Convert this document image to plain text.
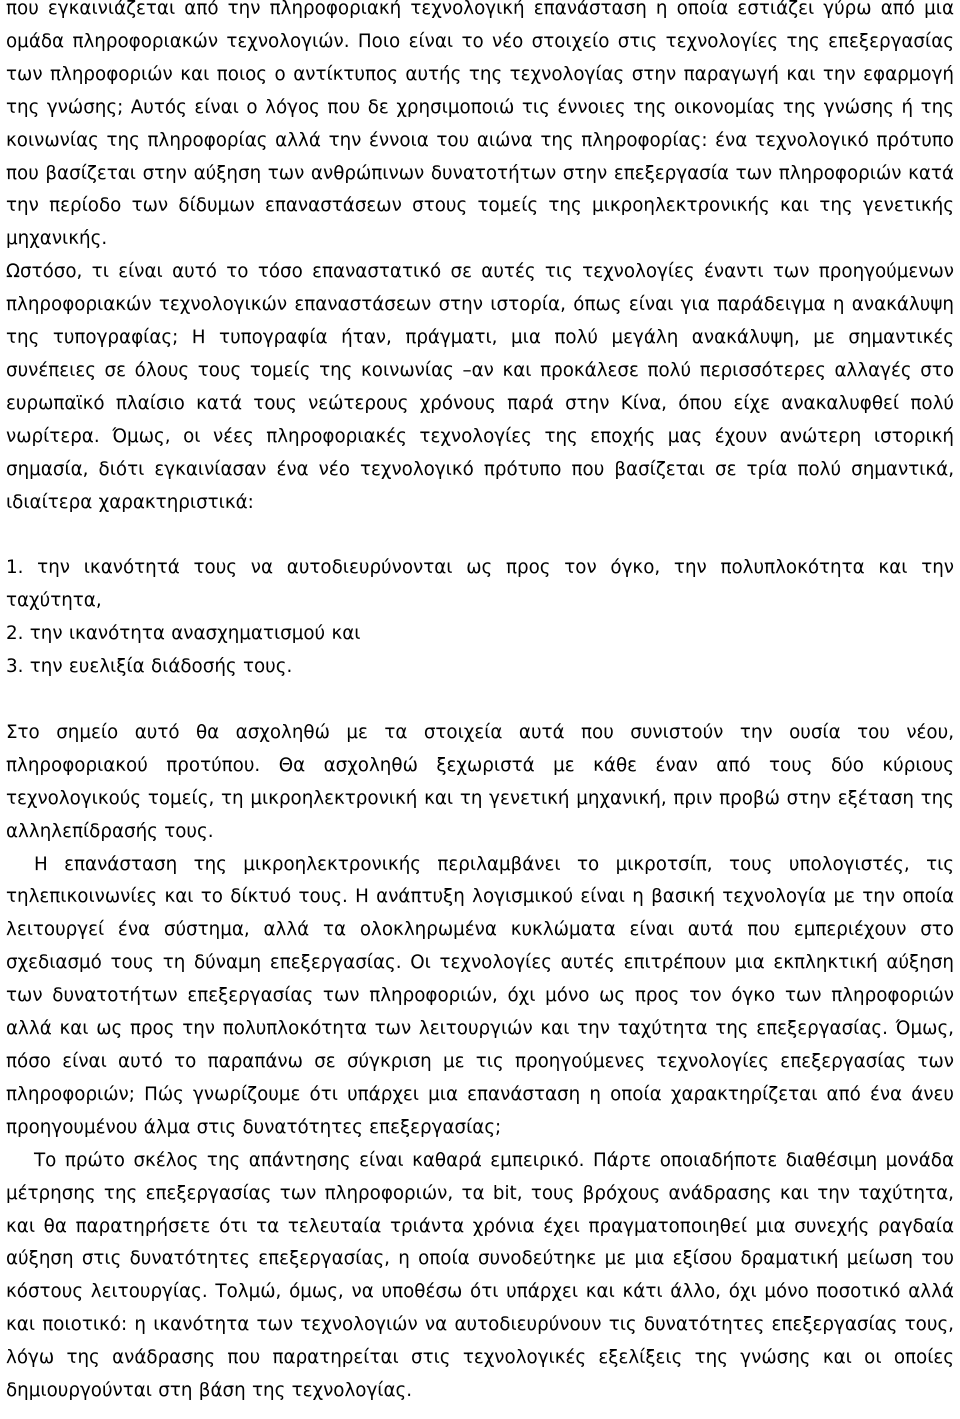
που εγκαινιάζεται από την πληροφοριακή τεχνολογική επανάσταση η οποία εστιάζει γύρω από μια ομάδα πληροφοριακών τεχνολογιών. Ποιο είναι το νέο στοιχείο στις τεχνολογίες της επεξεργασίας των πληροφοριών και ποιος ο αντίκτυπος αυτής της τεχνολογίας στην παραγωγή και την εφαρμογή της γνώσης; Αυτός είναι ο λόγος που δε χρησιμοποιώ τις έννοιες της οικονομίας της γνώσης ή της κοινωνίας της πληροφορίας αλλά την έννοια του αιώνα της πληροφορίας: ένα τεχνολογικό πρότυπο που βασίζεται στην αύξηση των ανθρώπινων δυνατοτήτων στην επεξεργασία των πληροφοριών κατά την περίοδο των δίδυμων επαναστάσεων στους τομείς της μικροηλεκτρονικής και της γενετικής μηχανικής.

Ωστόσο, τι είναι αυτό το τόσο επαναστατικό σε αυτές τις τεχνολογίες έναντι των προηγούμενων πληροφοριακών τεχνολογικών επαναστάσεων στην ιστορία, όπως είναι για παράδειγμα η ανακάλυψη της τυπογραφίας; Η τυπογραφία ήταν, πράγματι, μια πολύ μεγάλη ανακάλυψη, με σημαντικές συνέπειες σε όλους τους τομείς της κοινωνίας –αν και προκάλεσε πολύ περισσότερες αλλαγές στο ευρωπαϊκό πλαίσιο κατά τους νεώτερους χρόνους παρά στην Κίνα, όπου είχε ανακαλυφθεί πολύ νωρίτερα. Όμως, οι νέες πληροφοριακές τεχνολογίες της εποχής μας έχουν ανώτερη ιστορική σημασία, διότι εγκαινίασαν ένα νέο τεχνολογικό πρότυπο που βασίζεται σε τρία πολύ σημαντικά, ιδιαίτερα χαρακτηριστικά:

1. την ικανότητά τους να αυτοδιευρύνονται ως προς τον όγκο, την πολυπλοκότητα και την ταχύτητα,

2. την ικανότητα ανασχηματισμού και

3. την ευελιξία διάδοσής τους.

Στο σημείο αυτό θα ασχοληθώ με τα στοιχεία αυτά που συνιστούν την ουσία του νέου, πληροφοριακού προτύπου. Θα ασχοληθώ ξεχωριστά με κάθε έναν από τους δύο κύριους τεχνολογικούς τομείς, τη μικροηλεκτρονική και τη γενετική μηχανική, πριν προβώ στην εξέταση της αλληλεπίδρασής τους.

Η επανάσταση της μικροηλεκτρονικής περιλαμβάνει το μικροτσίπ, τους υπολογιστές, τις τηλεπικοινωνίες και το δίκτυό τους. Η ανάπτυξη λογισμικού είναι η βασική τεχνολογία με την οποία λειτουργεί ένα σύστημα, αλλά τα ολοκληρωμένα κυκλώματα είναι αυτά που εμπεριέχουν στο σχεδιασμό τους τη δύναμη επεξεργασίας. Οι τεχνολογίες αυτές επιτρέπουν μια εκπληκτική αύξηση των δυνατοτήτων επεξεργασίας των πληροφοριών, όχι μόνο ως προς τον όγκο των πληροφοριών αλλά και ως προς την πολυπλοκότητα των λειτουργιών και την ταχύτητα της επεξεργασίας. Όμως, πόσο είναι αυτό το παραπάνω σε σύγκριση με τις προηγούμενες τεχνολογίες επεξεργασίας των πληροφοριών; Πώς γνωρίζουμε ότι υπάρχει μια επανάσταση η οποία χαρακτηρίζεται από ένα άνευ προηγουμένου άλμα στις δυνατότητες επεξεργασίας;

Το πρώτο σκέλος της απάντησης είναι καθαρά εμπειρικό. Πάρτε οποιαδήποτε διαθέσιμη μονάδα μέτρησης της επεξεργασίας των πληροφοριών, τα bit, τους βρόχους ανάδρασης και την ταχύτητα, και θα παρατηρήσετε ότι τα τελευταία τριάντα χρόνια έχει πραγματοποιηθεί μια συνεχής ραγδαία αύξηση στις δυνατότητες επεξεργασίας, η οποία συνοδεύτηκε με μια εξίσου δραματική μείωση του κόστους λειτουργίας. Τολμώ, όμως, να υποθέσω ότι υπάρχει και κάτι άλλο, όχι μόνο ποσοτικό αλλά και ποιοτικό: η ικανότητα των τεχνολογιών να αυτοδιευρύνουν τις δυνατότητες επεξεργασίας τους, λόγω της ανάδρασης που παρατηρείται στις τεχνολογικές εξελίξεις της γνώσης και οι οποίες δημιουργούνται στη βάση της τεχνολογίας.
